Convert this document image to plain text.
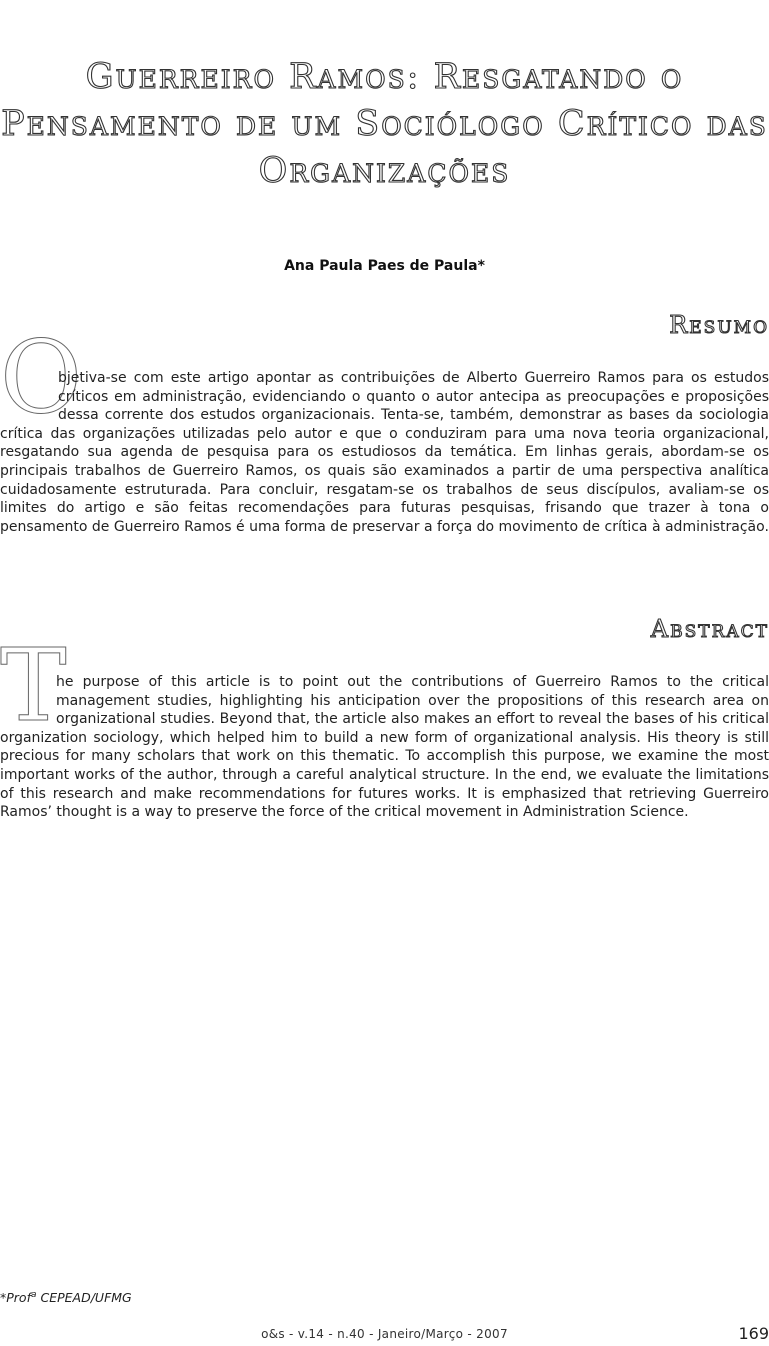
Guerreiro Ramos: Resgatando o Pensamento de um Sociólogo Crítico das Organizações
Ana Paula Paes de Paula*
Resumo

O
bjetiva-se com este artigo apontar as contribuições de Alberto Guerreiro Ramos para os estudos críticos em administração, evidenciando o quanto o autor antecipa as preocupações e proposições dessa corrente dos estudos organizacionais. Tenta-se, também, demonstrar as bases da sociologia crítica das organizações utilizadas pelo autor e que o conduziram para uma nova teoria organizacional, resgatando sua agenda de pesquisa para os estudiosos da temática. Em linhas gerais, abordam-se os principais trabalhos de Guerreiro Ramos, os quais são examinados a partir de uma perspectiva analítica cuidadosamente estruturada. Para concluir, resgatam-se os trabalhos de seus discípulos, avaliam-se os limites do artigo e são feitas recomendações para futuras pesquisas, frisando que trazer à tona o pensamento de Guerreiro Ramos é uma forma de preservar a força do movimento de crítica à administração.

Abstract

T
he purpose of this article is to point out the contributions of Guerreiro Ramos to the critical management studies, highlighting his anticipation over the propositions of this research area on organizational studies. Beyond that, the article also makes an effort to reveal the bases of his critical organization sociology, which helped him to build a new form of organizational analysis. His theory is still precious for many scholars that work on this thematic. To accomplish this purpose, we examine the most important works of the author, through a careful analytical structure. In the end, we evaluate the limitations of this research and make recommendations for futures works. It is emphasized that retrieving Guerreiro Ramos’ thought is a way to preserve the force of the critical movement in Administration Science.

*Prof$^a$ CEPEAD/UFMG
o&s - v.14 - n.40 - Janeiro/Março - 2007	169
